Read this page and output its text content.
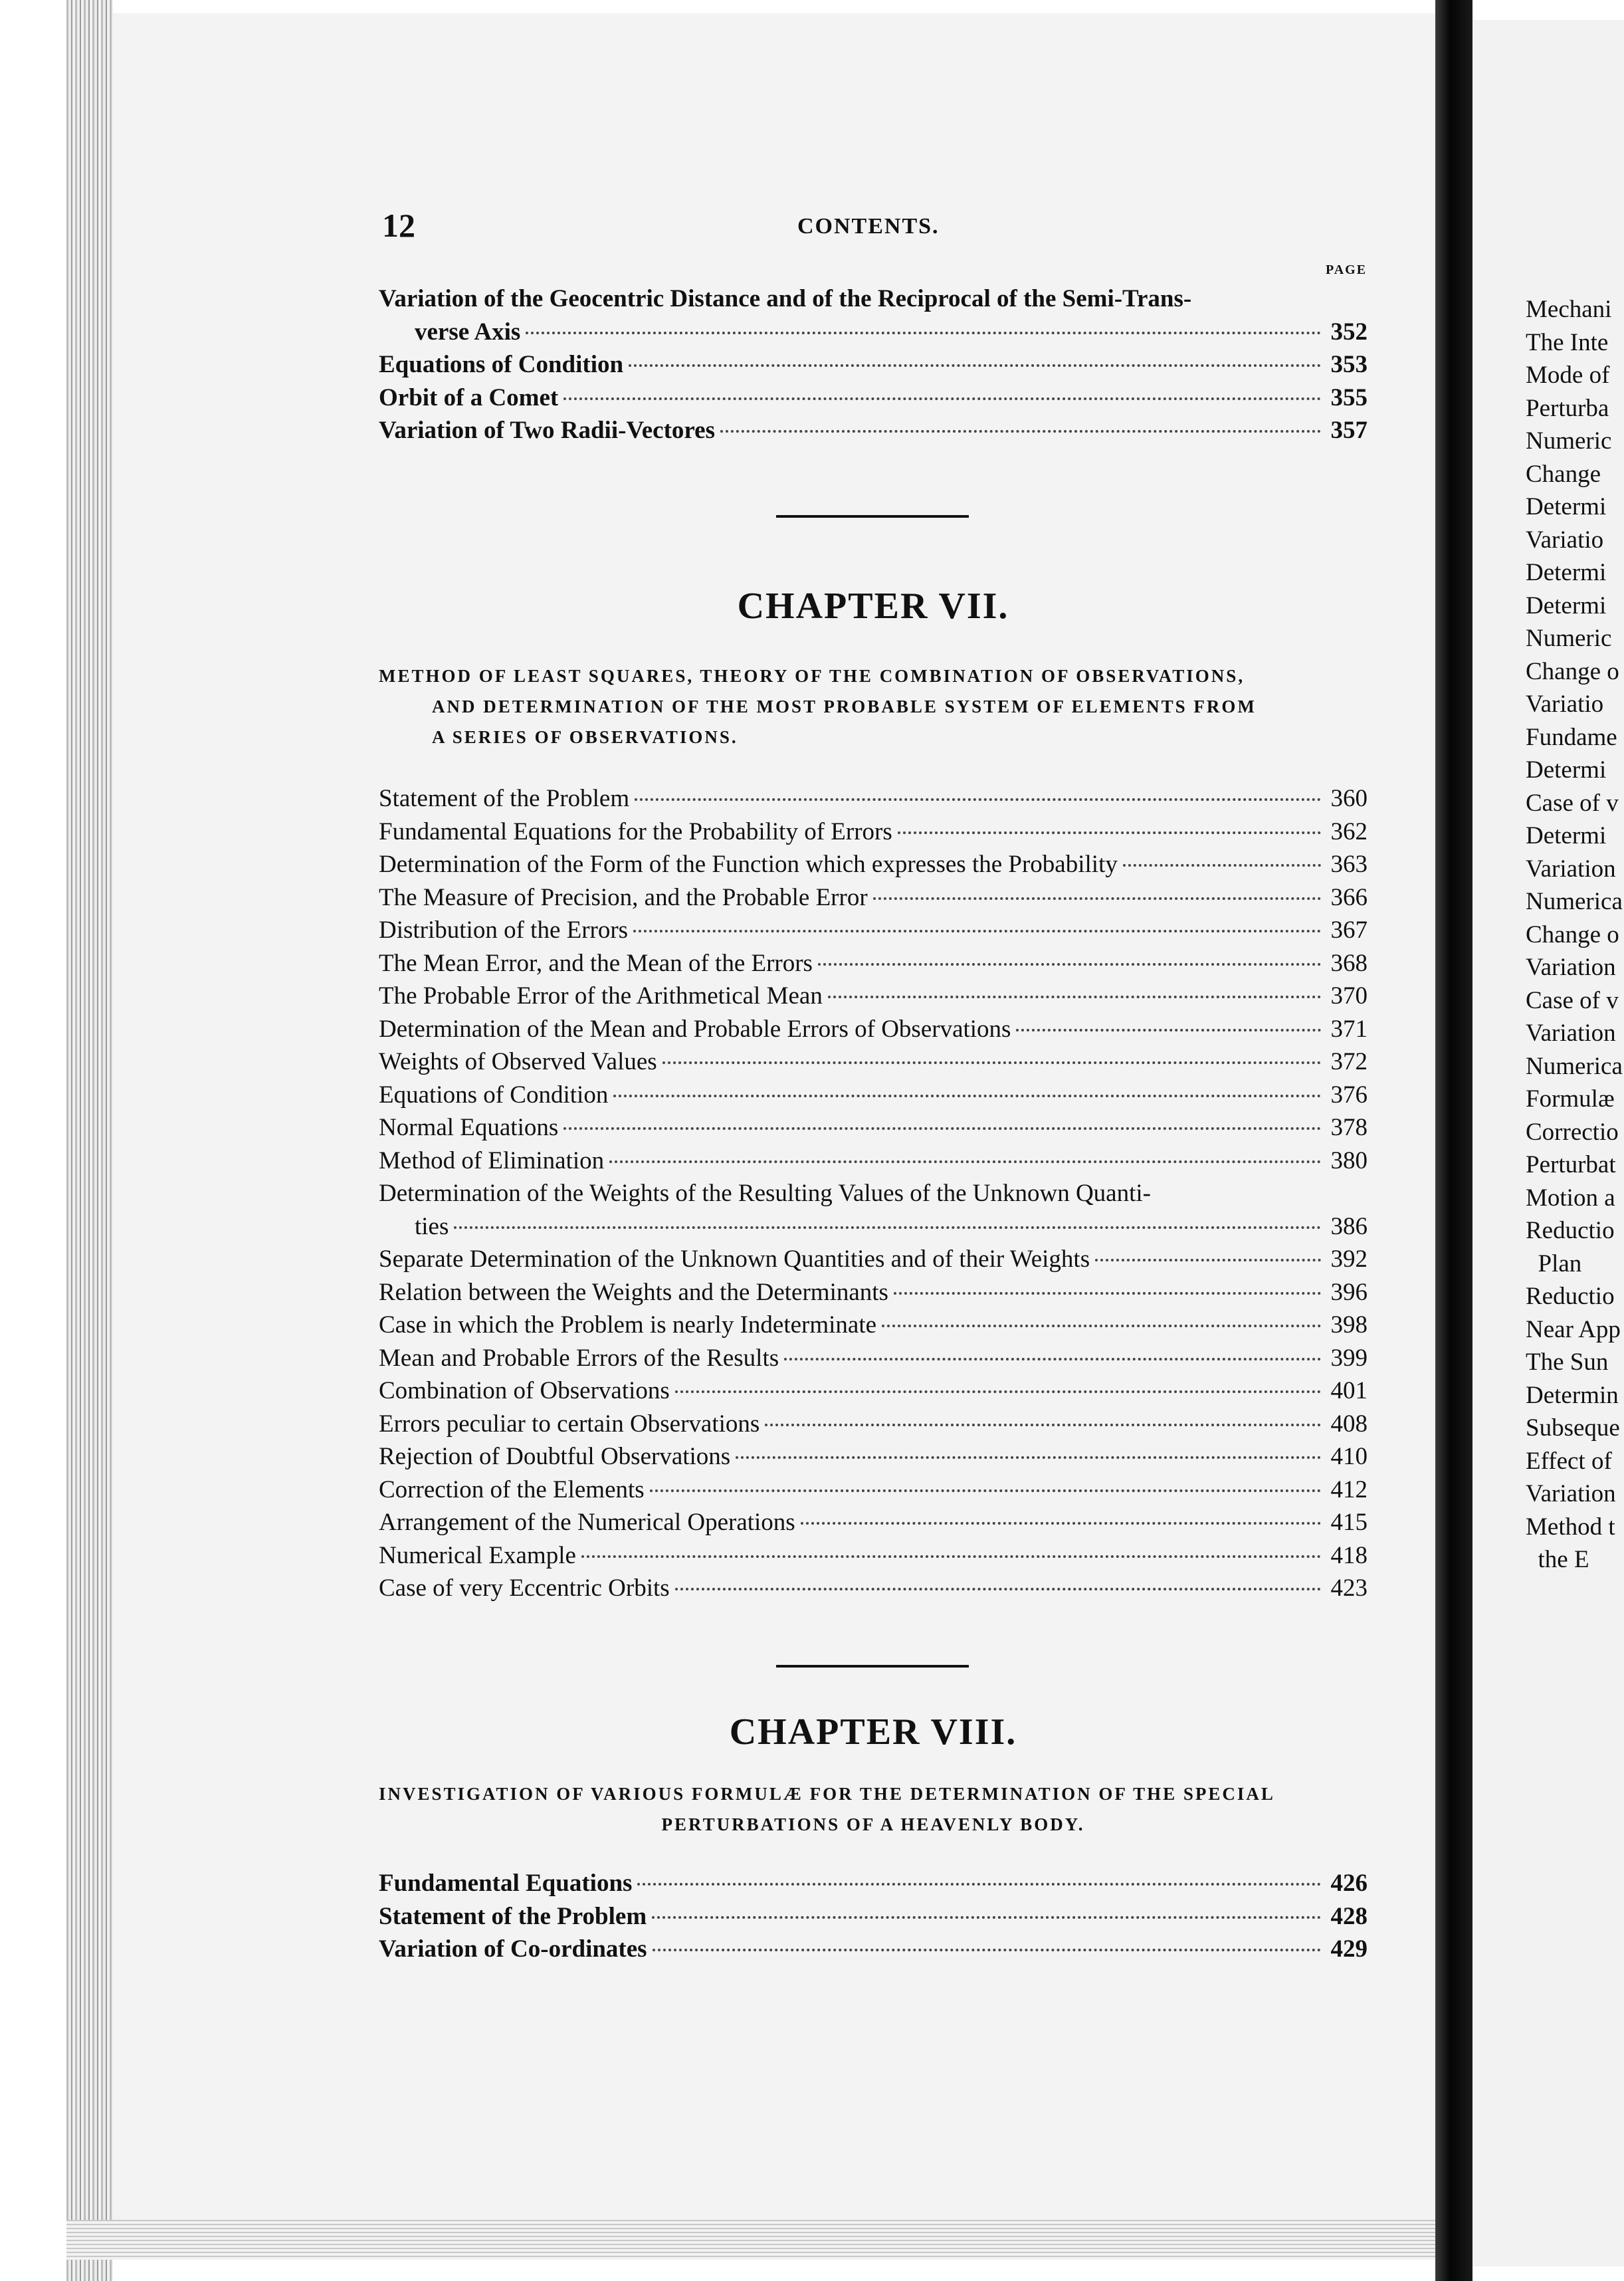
12	CONTENTS.
PAGE
Variation of the Geocentric Distance and of the Reciprocal of the Semi-Trans-
verse Axis	352
Equations of Condition	353
Orbit of a Comet	355
Variation of Two Radii-Vectores	357
CHAPTER VII.
METHOD OF LEAST SQUARES, THEORY OF THE COMBINATION OF OBSERVATIONS,
AND DETERMINATION OF THE MOST PROBABLE SYSTEM OF ELEMENTS FROM
A SERIES OF OBSERVATIONS.
Statement of the Problem	360
Fundamental Equations for the Probability of Errors	362
Determination of the Form of the Function which expresses the Probability	363
The Measure of Precision, and the Probable Error	366
Distribution of the Errors	367
The Mean Error, and the Mean of the Errors	368
The Probable Error of the Arithmetical Mean	370
Determination of the Mean and Probable Errors of Observations	371
Weights of Observed Values	372
Equations of Condition	376
Normal Equations	378
Method of Elimination	380
Determination of the Weights of the Resulting Values of the Unknown Quanti-
ties	386
Separate Determination of the Unknown Quantities and of their Weights	392
Relation between the Weights and the Determinants	396
Case in which the Problem is nearly Indeterminate	398
Mean and Probable Errors of the Results	399
Combination of Observations	401
Errors peculiar to certain Observations	408
Rejection of Doubtful Observations	410
Correction of the Elements	412
Arrangement of the Numerical Operations	415
Numerical Example	418
Case of very Eccentric Orbits	423
CHAPTER VIII.
INVESTIGATION OF VARIOUS FORMULÆ FOR THE DETERMINATION OF THE SPECIAL
PERTURBATIONS OF A HEAVENLY BODY.
Fundamental Equations	426
Statement of the Problem	428
Variation of Co-ordinates	429
Mechani
The Inte
Mode of
Perturba
Numeric
Change
Determi
Variatio
Determi
Determi
Numeric
Change o
Variatio
Fundame
Determi
Case of v
Determi
Variation
Numerica
Change o
Variation
Case of v
Variation
Numerica
Formulæ
Correctio
Perturbat
Motion a
Reductio
Plan
Reductio
Near App
The Sun
Determin
Subseque
Effect of
Variation
Method t
the E
